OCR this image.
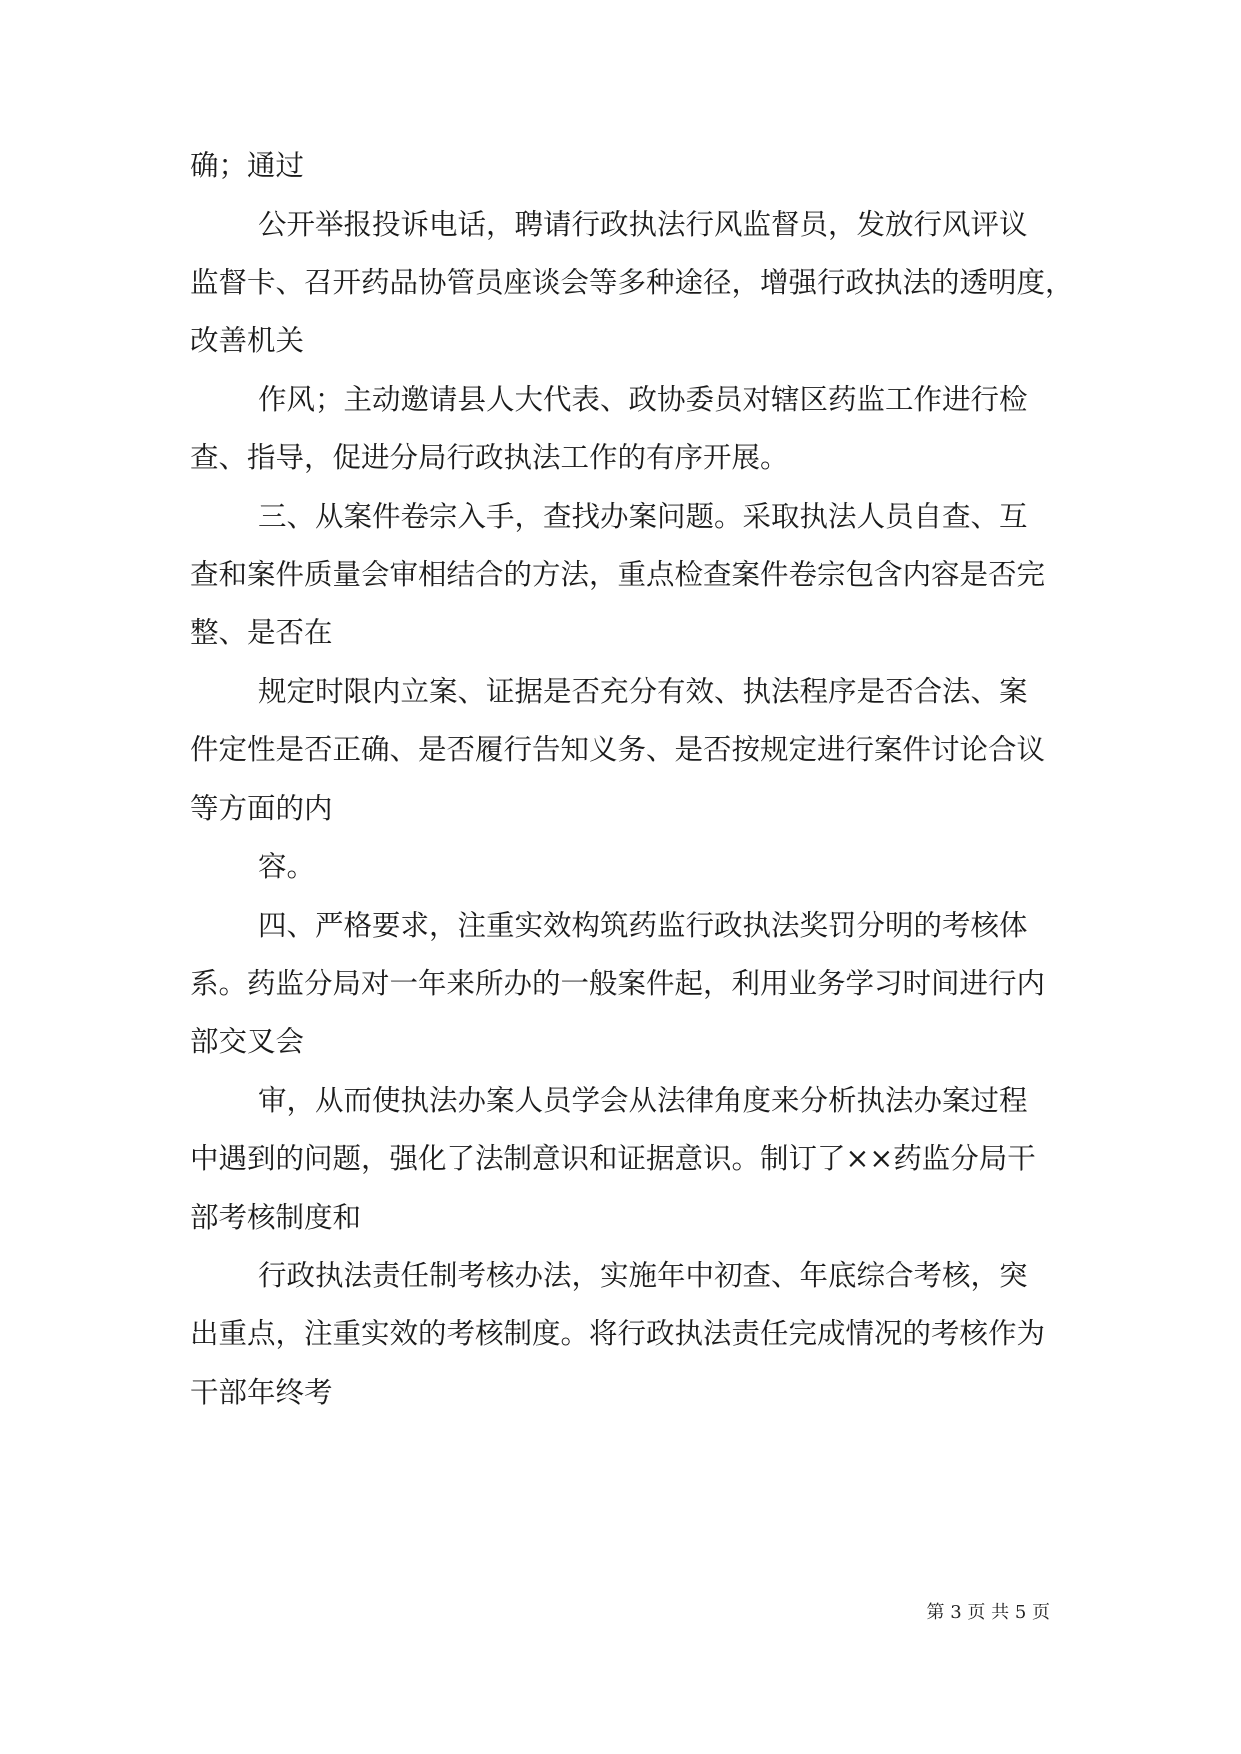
确；通过

公开举报投诉电话，聘请行政执法行风监督员，发放行风评议

监督卡、召开药品协管员座谈会等多种途径，增强行政执法的透明度，

改善机关

作风；主动邀请县人大代表、政协委员对辖区药监工作进行检

查、指导，促进分局行政执法工作的有序开展。

三、从案件卷宗入手，查找办案问题。采取执法人员自查、互

查和案件质量会审相结合的方法，重点检查案件卷宗包含内容是否完

整、是否在

规定时限内立案、证据是否充分有效、执法程序是否合法、案

件定性是否正确、是否履行告知义务、是否按规定进行案件讨论合议

等方面的内

容。

四、严格要求，注重实效构筑药监行政执法奖罚分明的考核体

系。药监分局对一年来所办的一般案件起，利用业务学习时间进行内

部交叉会

审，从而使执法办案人员学会从法律角度来分析执法办案过程

中遇到的问题，强化了法制意识和证据意识。制订了××药监分局干

部考核制度和

行政执法责任制考核办法，实施年中初查、年底综合考核，突

出重点，注重实效的考核制度。将行政执法责任完成情况的考核作为

干部年终考

第 3 页 共 5 页
